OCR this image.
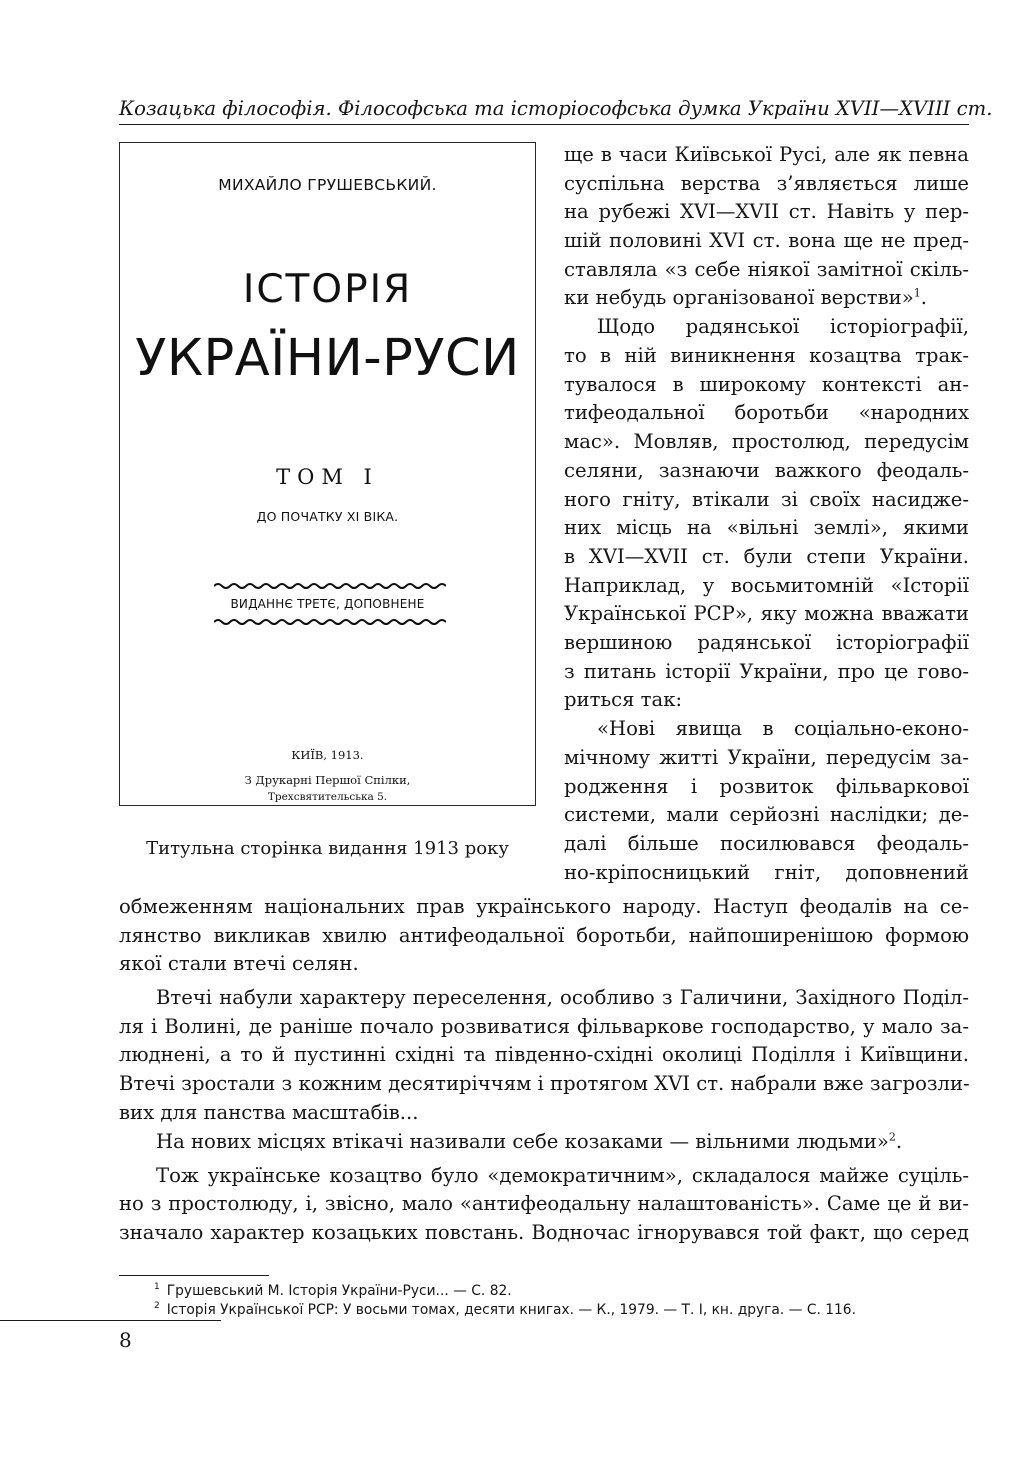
Козацька філософія. Філософська та історіософська думка України XVII—XVIII ст.
МИХАЙЛО ГРУШЕВСЬКИЙ.
ІСТОРІЯ
УКРАЇНИ-РУСИ
ТОМ І
ДО ПОЧАТКУ XI ВІКА.
ВИДАННЄ ТРЕТЄ, ДОПОВНЕНЕ
КИЇВ, 1913.
З Друкарні Першої Спілки,
Трехсвятительська 5.
Титульна сторінка видання 1913 року
ще в часи Київської Русі, але як певна
суспільна верства з’являється лише
на рубежі XVI—XVII ст. Навіть у пер-
шій половині XVI ст. вона ще не пред-
ставляла «з себе ніякої замітної скіль-
ки небудь організованої верстви»$^1$.
Щодо радянської історіографії,
то в ній виникнення козацтва трак-
тувалося в широкому контексті ан-
тифеодальної боротьби «народних
мас». Мовляв, простолюд, передусім
селяни, зазнаючи важкого феодаль-
ного гніту, втікали зі своїх насидже-
них місць на «вільні землі», якими
в XVI—XVII ст. були степи України.
Наприклад, у восьмитомній «Історії
Української РСР», яку можна вважати
вершиною радянської історіографії
з питань історії України, про це гово-
риться так:
«Нові явища в соціально-еконо-
мічному житті України, передусім за-
родження і розвиток фільваркової
системи, мали серйозні наслідки; де-
далі більше посилювався феодаль-
но-кріпосницький гніт, доповнений
обмеженням національних прав українського народу. Наступ феодалів на се-
лянство викликав хвилю антифеодальної боротьби, найпоширенішою формою
якої стали втечі селян.
Втечі набули характеру переселення, особливо з Галичини, Західного Поділ-
ля і Волині, де раніше почало розвиватися фільваркове господарство, у мало за-
люднені, а то й пустинні східні та південно-східні околиці Поділля і Київщини.
Втечі зростали з кожним десятиріччям і протягом XVI ст. набрали вже загрозли-
вих для панства масштабів...
На нових місцях втікачі називали себе козаками — вільними людьми»$^2$.
Тож українське козацтво було «демократичним», складалося майже суціль-
но з простолюду, і, звісно, мало «антифеодальну налаштованість». Саме це й ви-
значало характер козацьких повстань. Водночас ігнорувався той факт, що серед
$^1$ Грушевський М. Історія України-Руси... — С. 82.
$^2$ Історія Української РСР: У восьми томах, десяти книгах. — К., 1979. — Т. І, кн. друга. — С. 116.
8
